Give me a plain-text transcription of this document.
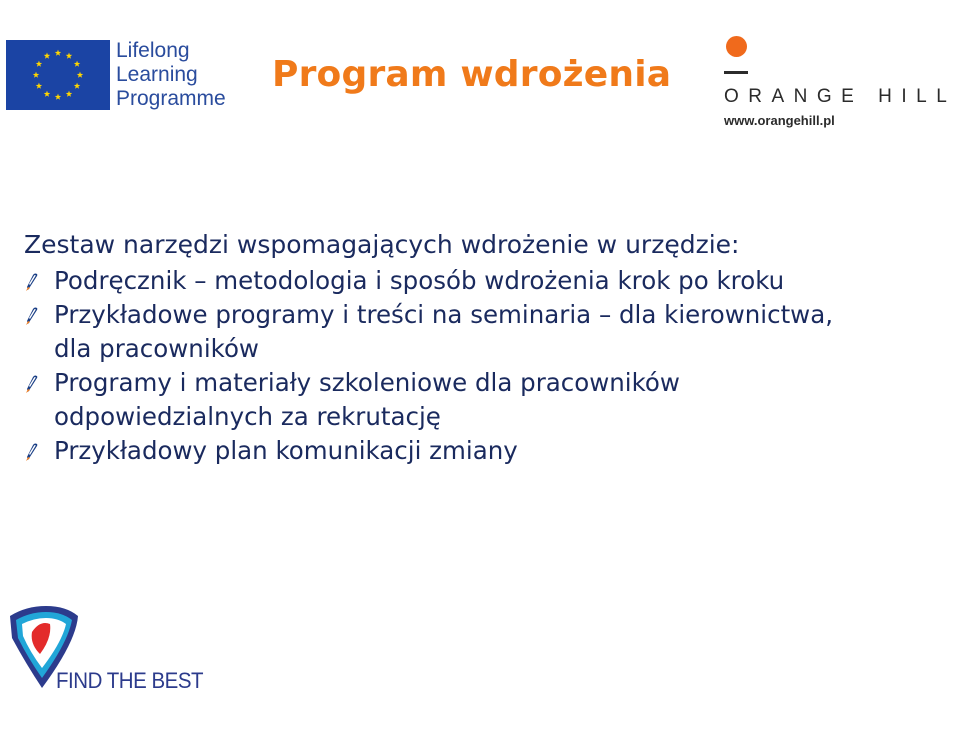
Lifelong
Learning
Programme
Program wdrożenia
ORANGE HILL
www.orangehill.pl
Zestaw narzędzi wspomagających wdrożenie w urzędzie:
Podręcznik – metodologia i sposób wdrożenia krok po kroku
Przykładowe programy i treści na seminaria – dla kierownictwa, dla pracowników
Programy i materiały szkoleniowe dla pracowników odpowiedzialnych za rekrutację
Przykładowy plan komunikacji zmiany
FIND THE BEST
